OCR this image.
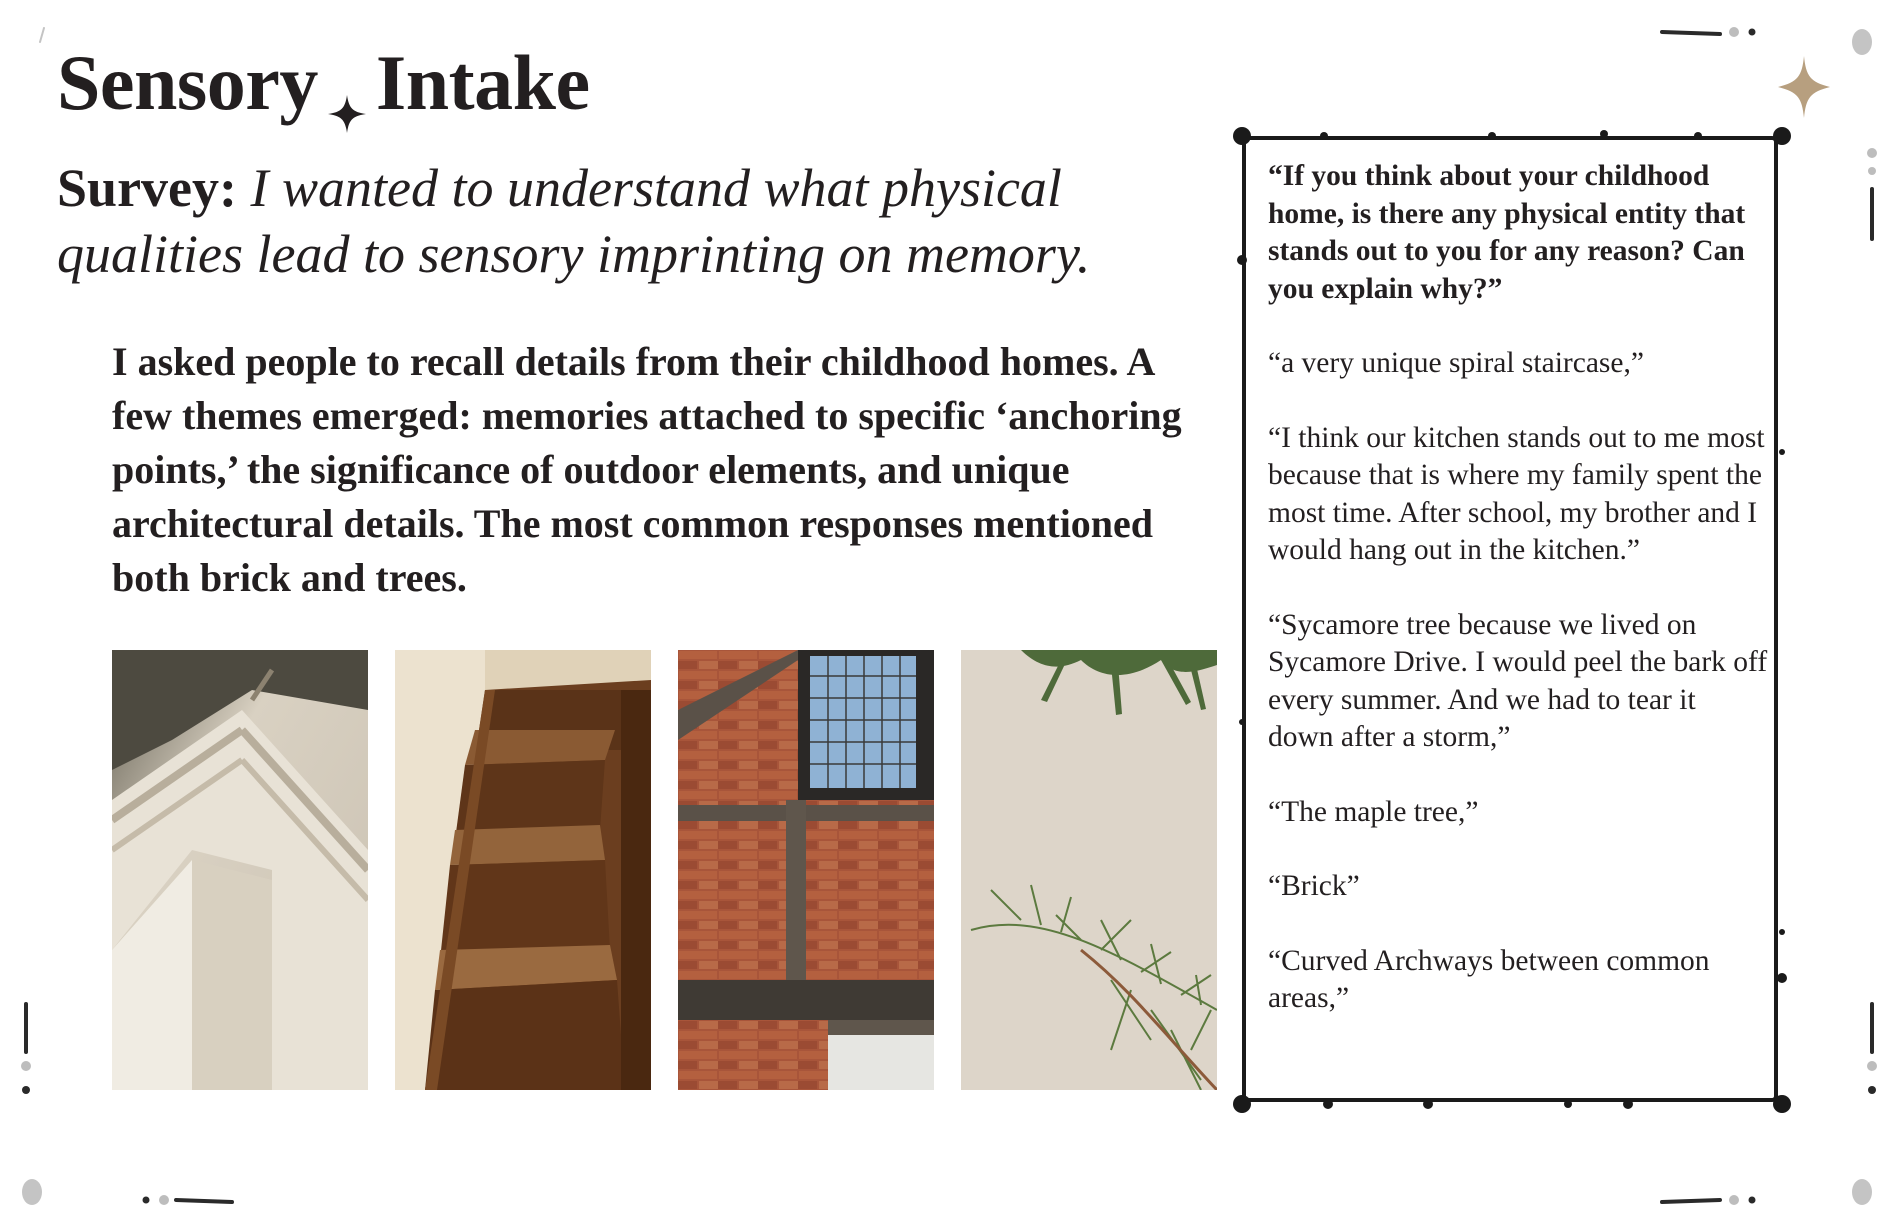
Sensory Intake

Survey: I wanted to understand what physical qualities lead to sensory imprinting on memory.

I asked people to recall details from their childhood homes. A few themes emerged: memories attached to specific ‘anchoring points,’ the significance of outdoor elements, and unique architectural details. The most common responses mentioned both brick and trees.

“If you think about your childhood home, is there any physical entity that stands out to you for any reason? Can you explain why?”

“a very unique spiral staircase,”

“I think our kitchen stands out to me most because that is where my family spent the most time. After school, my brother and I would hang out in the kitchen.”

“Sycamore tree because we lived on Sycamore Drive. I would peel the bark off every summer. And we had to tear it down after a storm,”

“The maple tree,”

“Brick”

“Curved Archways between common areas,”
